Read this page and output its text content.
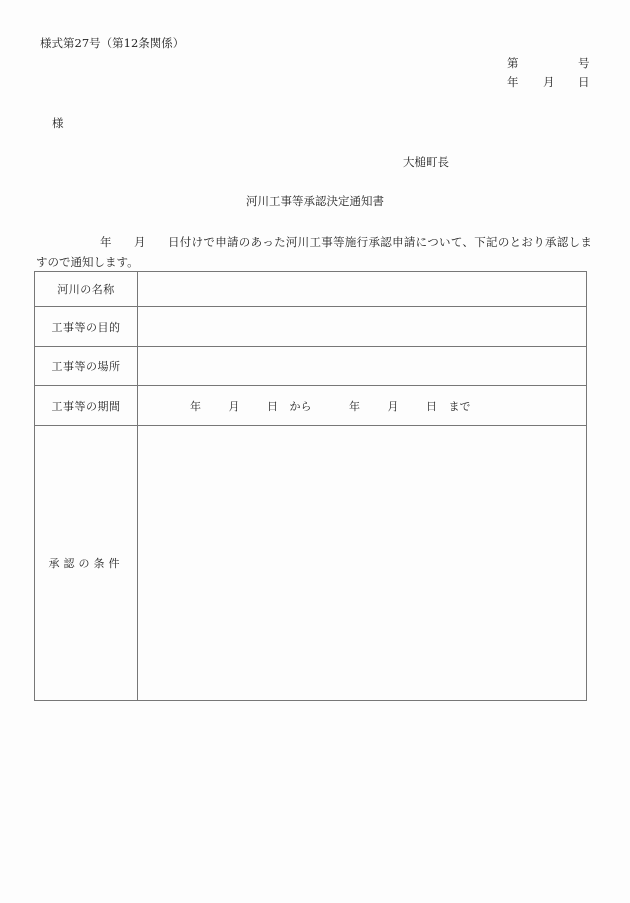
様式第27号（第12条関係）
第	号
年 月 日
様
大槌町長
河川工事等承認決定通知書
年 月 日付けで申請のあった河川工事等施行承認申請について、下記のとおり承認しま
すので通知します。
河川の名称	
工事等の目的	
工事等の場所	
工事等の期間	年 月 日 から 年 月 日 まで
承認の条件	
